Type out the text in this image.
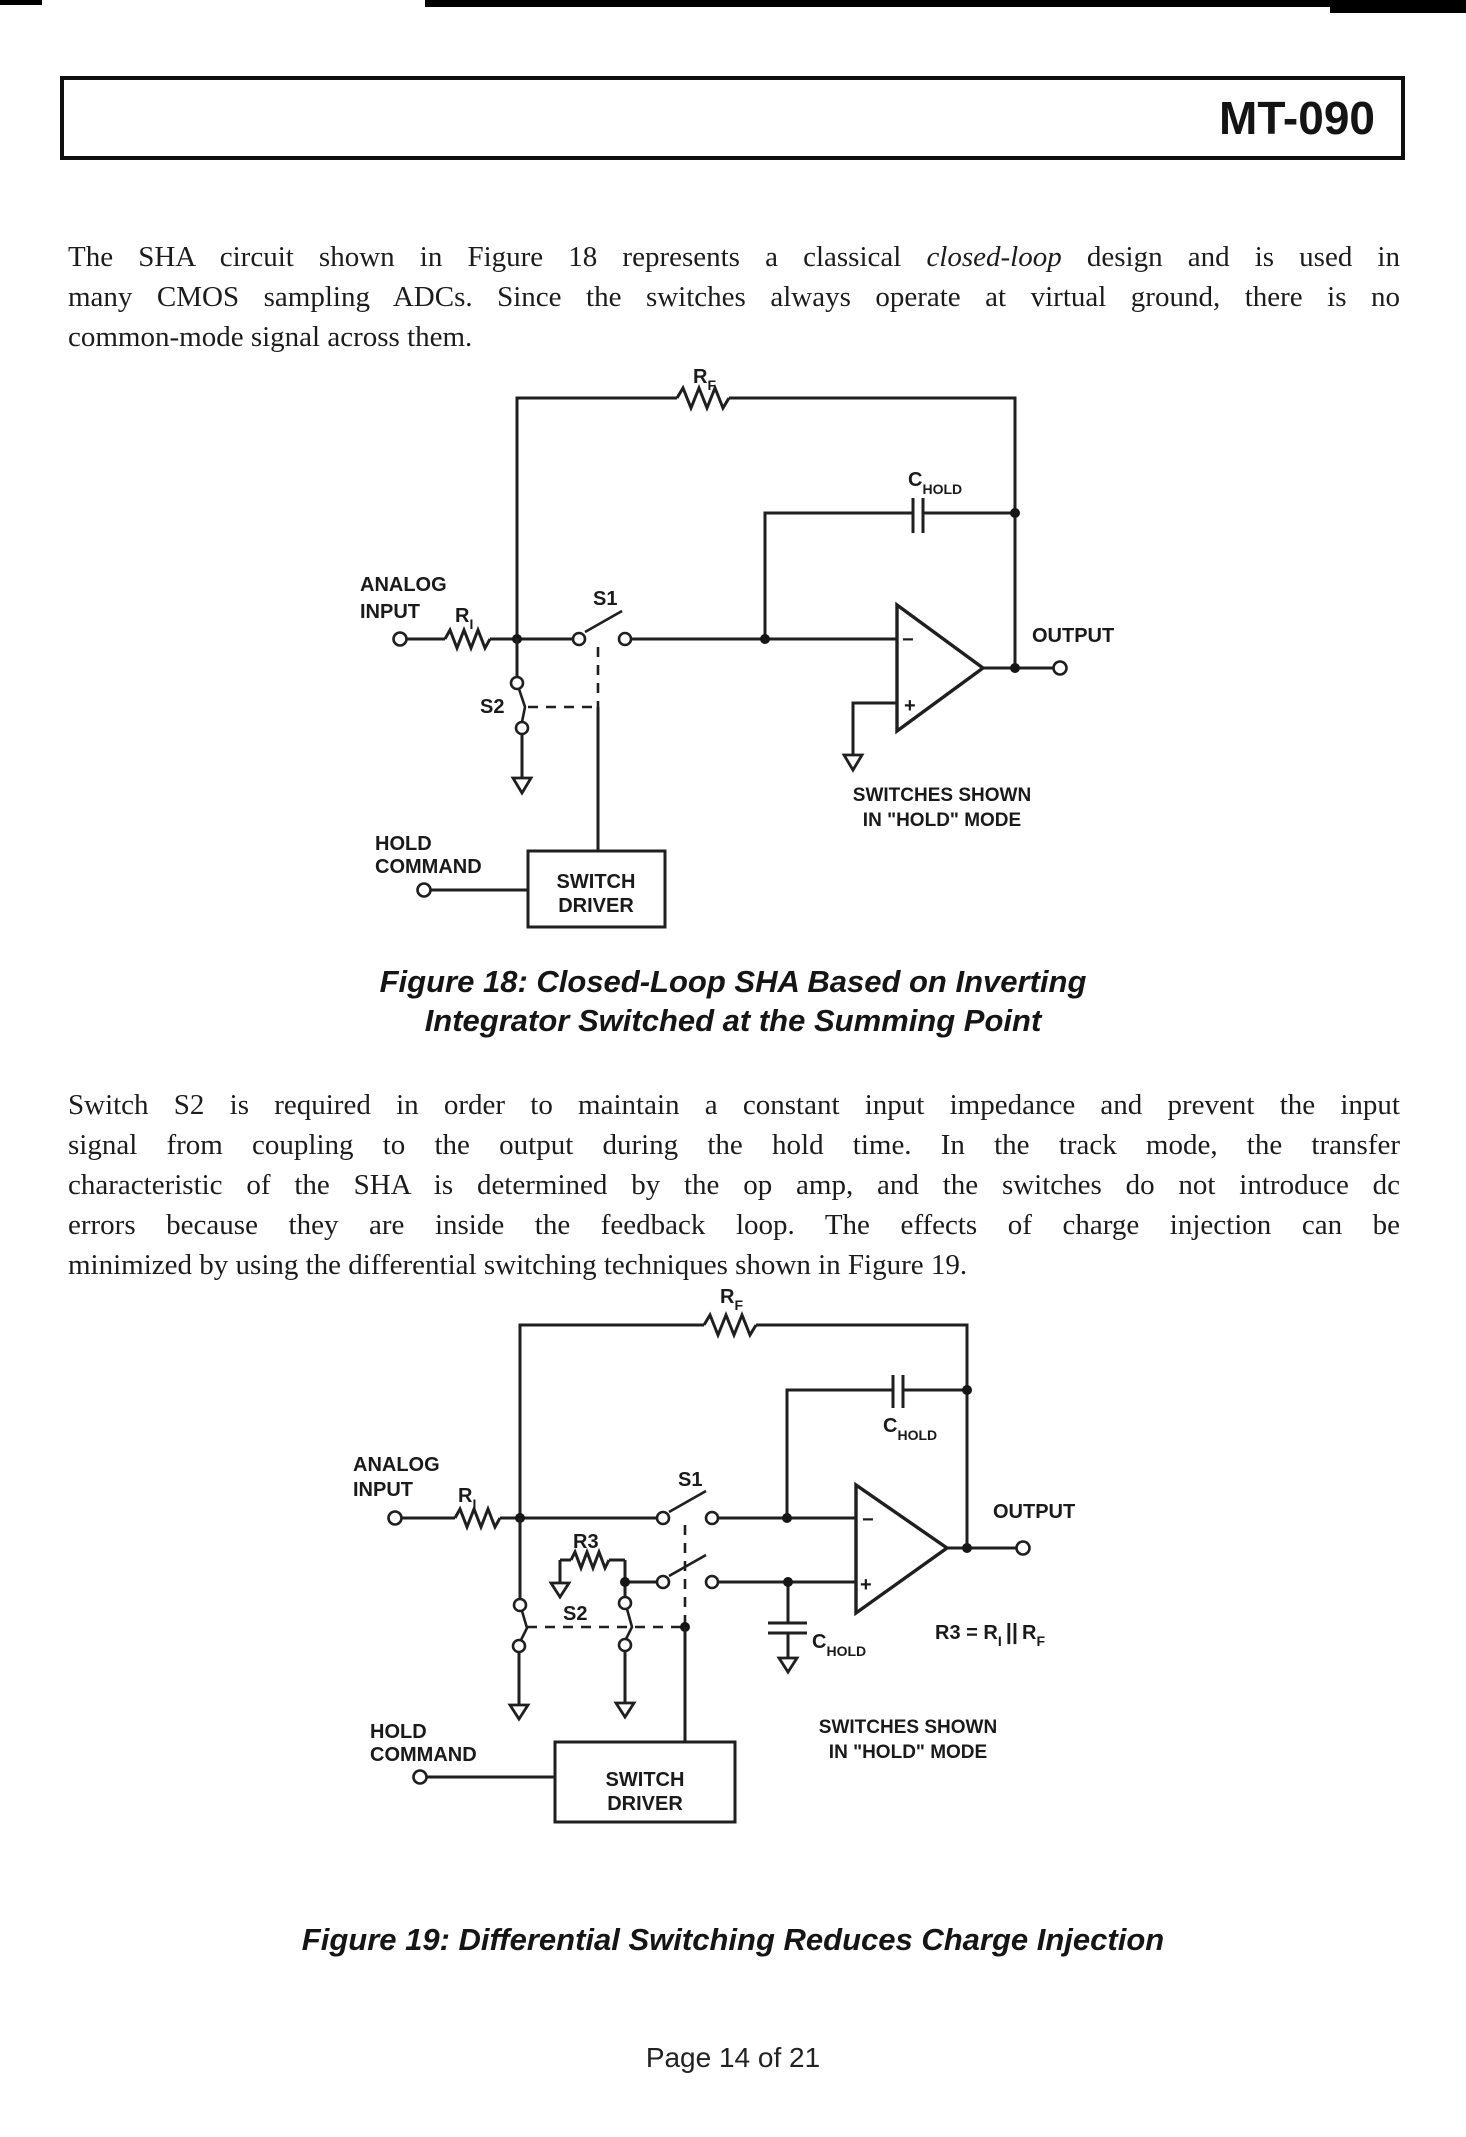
MT-090
The SHA circuit shown in Figure 18 represents a classical closed-loop design and is used in
many CMOS sampling ADCs. Since the switches always operate at virtual ground, there is no
common-mode signal across them.
$R_F$
$R_I$
ANALOG
INPUT
S1
$C_{HOLD}$
−
+
OUTPUT
S2
SWITCH
DRIVER
HOLD
COMMAND
SWITCHES SHOWN
IN "HOLD" MODE
Figure 18: Closed-Loop SHA Based on Inverting
Integrator Switched at the Summing Point
Switch S2 is required in order to maintain a constant input impedance and prevent the input
signal from coupling to the output during the hold time. In the track mode, the transfer
characteristic of the SHA is determined by the op amp, and the switches do not introduce dc
errors because they are inside the feedback loop. The effects of charge injection can be
minimized by using the differential switching techniques shown in Figure 19.
$R_F$
$R_I$
ANALOG
INPUT	S1
R3
$C_{HOLD}$
−
+
$C_{HOLD}$
OUTPUT
$R3 = R_I$ || $R_F$
S2
SWITCH
DRIVER
HOLD
COMMAND
SWITCHES SHOWN
IN "HOLD" MODE
Figure 19: Differential Switching Reduces Charge Injection
Page 14 of 21
